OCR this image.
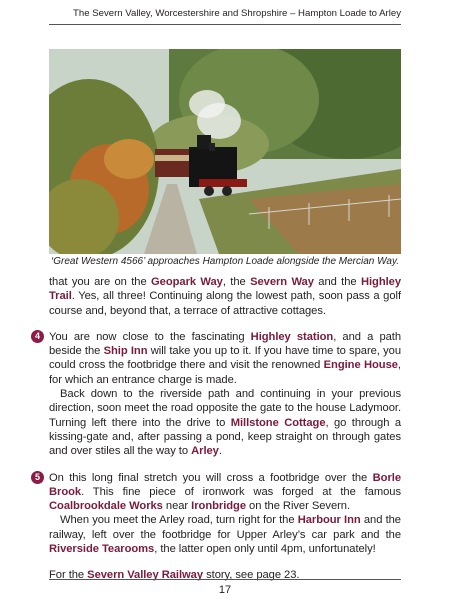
The Severn Valley, Worcestershire and Shropshire – Hampton Loade to Arley
‘Great Western 4566’ approaches Hampton Loade alongside the Mercian Way.

that you are on the Geopark Way, the Severn Way and the Highley Trail. Yes, all three! Continuing along the lowest path, soon pass a golf course and, beyond that, a terrace of attractive cottages.

4 You are now close to the fascinating Highley station, and a path beside the Ship Inn will take you up to it. If you have time to spare, you could cross the footbridge there and visit the renowned Engine House, for which an entrance charge is made.

Back down to the riverside path and continuing in your previous direction, soon meet the road opposite the gate to the house Ladymoor. Turning left there into the drive to Millstone Cottage, go through a kissing-gate and, after passing a pond, keep straight on through gates and over stiles all the way to Arley.

5 On this long final stretch you will cross a footbridge over the Borle Brook. This fine piece of ironwork was forged at the famous Coalbrookdale Works near Ironbridge on the River Severn.

When you meet the Arley road, turn right for the Harbour Inn and the railway, left over the footbridge for Upper Arley’s car park and the Riverside Tearooms, the latter open only until 4pm, unfortunately!

For the Severn Valley Railway story, see page 23.

17
